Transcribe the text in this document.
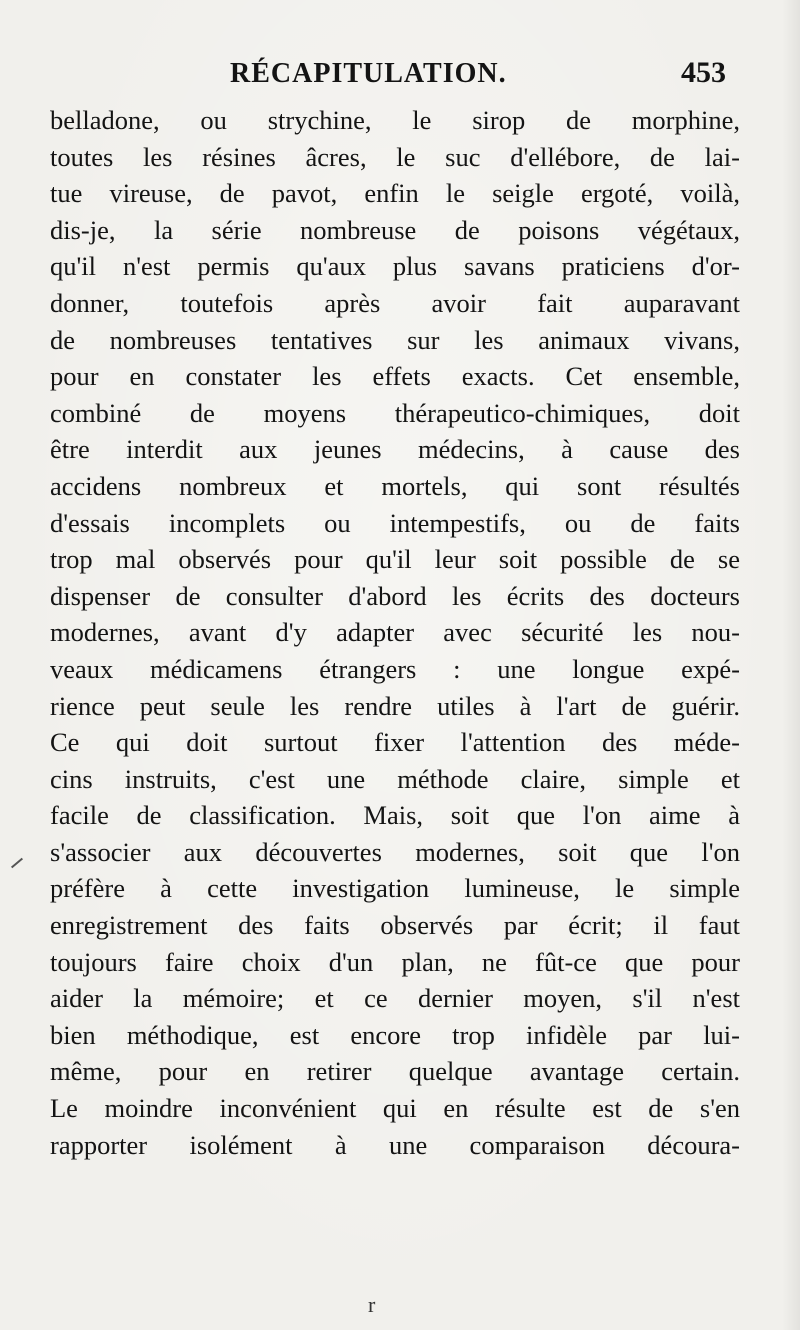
RÉCAPITULATION.	453
belladone, ou strychine, le sirop de morphine,
toutes les résines âcres, le suc d'ellébore, de lai-
tue vireuse, de pavot, enfin le seigle ergoté, voilà,
dis-je, la série nombreuse de poisons végétaux,
qu'il n'est permis qu'aux plus savans praticiens d'or-
donner, toutefois après avoir fait auparavant
de nombreuses tentatives sur les animaux vivans,
pour en constater les effets exacts. Cet ensemble,
combiné de moyens thérapeutico-chimiques, doit
être interdit aux jeunes médecins, à cause des
accidens nombreux et mortels, qui sont résultés
d'essais incomplets ou intempestifs, ou de faits
trop mal observés pour qu'il leur soit possible de se
dispenser de consulter d'abord les écrits des docteurs
modernes, avant d'y adapter avec sécurité les nou-
veaux médicamens étrangers : une longue expé-
rience peut seule les rendre utiles à l'art de guérir.
Ce qui doit surtout fixer l'attention des méde-
cins instruits, c'est une méthode claire, simple et
facile de classification. Mais, soit que l'on aime à
s'associer aux découvertes modernes, soit que l'on
préfère à cette investigation lumineuse, le simple
enregistrement des faits observés par écrit; il faut
toujours faire choix d'un plan, ne fût-ce que pour
aider la mémoire; et ce dernier moyen, s'il n'est
bien méthodique, est encore trop infidèle par lui-
même, pour en retirer quelque avantage certain.
Le moindre inconvénient qui en résulte est de s'en
rapporter isolément à une comparaison découra-
r
